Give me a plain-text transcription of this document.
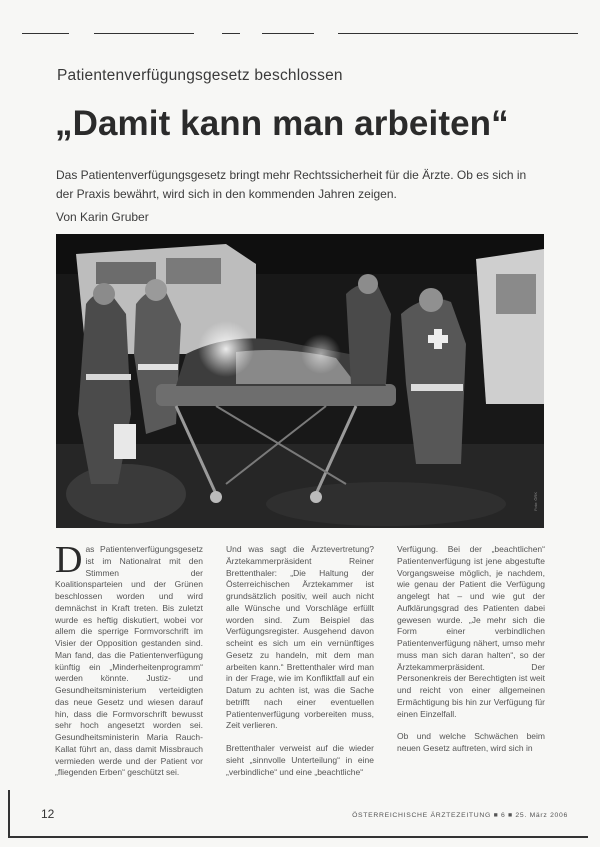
Patientenverfügungsgesetz beschlossen
„Damit kann man arbeiten“

Das Patientenverfügungsgesetz bringt mehr Rechtssicherheit für die Ärzte. Ob es sich in der Praxis bewährt, wird sich in den kommenden Jahren zeigen.

Von Karin Gruber
Foto: ÖRK

Das Patientenverfügungsgesetz ist im Nationalrat mit den Stimmen der Koalitionsparteien und der Grünen beschlossen worden und wird demnächst in Kraft treten. Bis zuletzt wurde es heftig diskutiert, wobei vor allem die sperrige Formvorschrift im Visier der Opposition gestanden sind. Man fand, das die Patientenverfügung künftig ein „Minderheitenprogramm“ werden könnte. Justiz- und Gesundheitsministerium verteidigten das neue Gesetz und wiesen darauf hin, dass die Formvorschrift bewusst sehr hoch angesetzt worden sei. Gesundheitsministerin Maria Rauch-Kallat führt an, dass damit Missbrauch vermieden werde und der Patient vor „fliegenden Erben“ geschützt sei.

Und was sagt die Ärztevertretung? Ärztekammerpräsident Reiner Brettenthaler: „Die Haltung der Österreichischen Ärztekammer ist grundsätzlich positiv, weil auch nicht alle Wünsche und Vorschläge erfüllt worden sind. Zum Beispiel das Verfügungsregister. Ausgehend davon scheint es sich um ein vernünftiges Gesetz zu handeln, mit dem man arbeiten kann.“ Brettenthaler wird man in der Frage, wie im Konfliktfall auf ein Datum zu achten ist, was die Sache betrifft nach einer eventuellen Patientenverfügung vorbereiten muss, Zeit verlieren.

Brettenthaler verweist auf die wieder sieht „sinnvolle Unterteilung“ in eine „verbindliche“ und eine „beachtliche“

Verfügung. Bei der „beachtlichen“ Patientenverfügung ist jene abgestufte Vorgangsweise möglich, je nachdem, wie genau der Patient die Verfügung angelegt hat – und wie gut der Aufklärungsgrad des Patienten dabei gewesen wurde. „Je mehr sich die Form einer verbindlichen Patientenverfügung nähert, umso mehr muss man sich daran halten“, so der Ärztekammerpräsident. Der Personenkreis der Berechtigten ist weit und reicht von einer allgemeinen Ermächtigung bis hin zur Verfügung für einen Einzelfall.

Ob und welche Schwächen beim neuen Gesetz auftreten, wird sich in

12	ÖSTERREICHISCHE ÄRZTEZEITUNG ■ 6 ■ 25. März 2006
